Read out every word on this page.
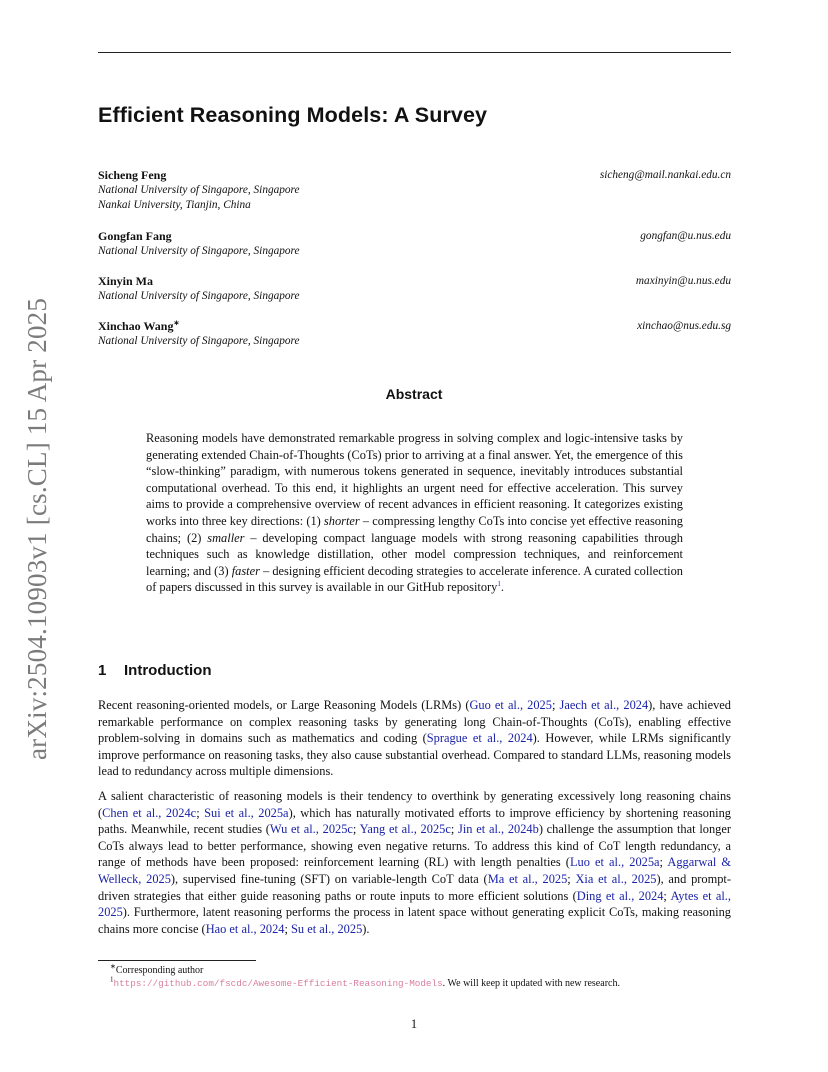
arXiv:2504.10903v1 [cs.CL] 15 Apr 2025
Efficient Reasoning Models: A Survey
Sicheng Feng	sicheng@mail.nankai.edu.cn
National University of Singapore, Singapore
Nankai University, Tianjin, China
Gongfan Fang	gongfan@u.nus.edu
National University of Singapore, Singapore
Xinyin Ma	maxinyin@u.nus.edu
National University of Singapore, Singapore
Xinchao Wang∗	xinchao@nus.edu.sg
National University of Singapore, Singapore
Abstract
Reasoning models have demonstrated remarkable progress in solving complex and logic-intensive tasks by generating extended Chain-of-Thoughts (CoTs) prior to arriving at a final answer. Yet, the emergence of this “slow-thinking” paradigm, with numerous tokens generated in sequence, inevitably introduces substantial computational overhead. To this end, it highlights an urgent need for effective acceleration. This survey aims to provide a comprehensive overview of recent advances in efficient reasoning. It categorizes existing works into three key directions: (1) shorter – compressing lengthy CoTs into concise yet effective reasoning chains; (2) smaller – developing compact language models with strong reasoning capabilities through techniques such as knowledge distillation, other model compression techniques, and reinforcement learning; and (3) faster – designing efficient decoding strategies to accelerate inference. A curated collection of papers discussed in this survey is available in our GitHub repository$^1$.
1 Introduction
Recent reasoning-oriented models, or Large Reasoning Models (LRMs) (Guo et al., 2025; Jaech et al., 2024), have achieved remarkable performance on complex reasoning tasks by generating long Chain-of-Thoughts (CoTs), enabling effective problem-solving in domains such as mathematics and coding (Sprague et al., 2024). However, while LRMs significantly improve performance on reasoning tasks, they also cause substantial overhead. Compared to standard LLMs, reasoning models lead to redundancy across multiple dimensions.
A salient characteristic of reasoning models is their tendency to overthink by generating excessively long reasoning chains (Chen et al., 2024c; Sui et al., 2025a), which has naturally motivated efforts to improve efficiency by shortening reasoning paths. Meanwhile, recent studies (Wu et al., 2025c; Yang et al., 2025c; Jin et al., 2024b) challenge the assumption that longer CoTs always lead to better performance, showing even negative returns. To address this kind of CoT length redundancy, a range of methods have been proposed: reinforcement learning (RL) with length penalties (Luo et al., 2025a; Aggarwal & Welleck, 2025), supervised fine-tuning (SFT) on variable-length CoT data (Ma et al., 2025; Xia et al., 2025), and prompt-driven strategies that either guide reasoning paths or route inputs to more efficient solutions (Ding et al., 2024; Aytes et al., 2025). Furthermore, latent reasoning performs the process in latent space without generating explicit CoTs, making reasoning chains more concise (Hao et al., 2024; Su et al., 2025).
∗Corresponding author
$^1$https://github.com/fscdc/Awesome-Efficient-Reasoning-Models. We will keep it updated with new research.
1
